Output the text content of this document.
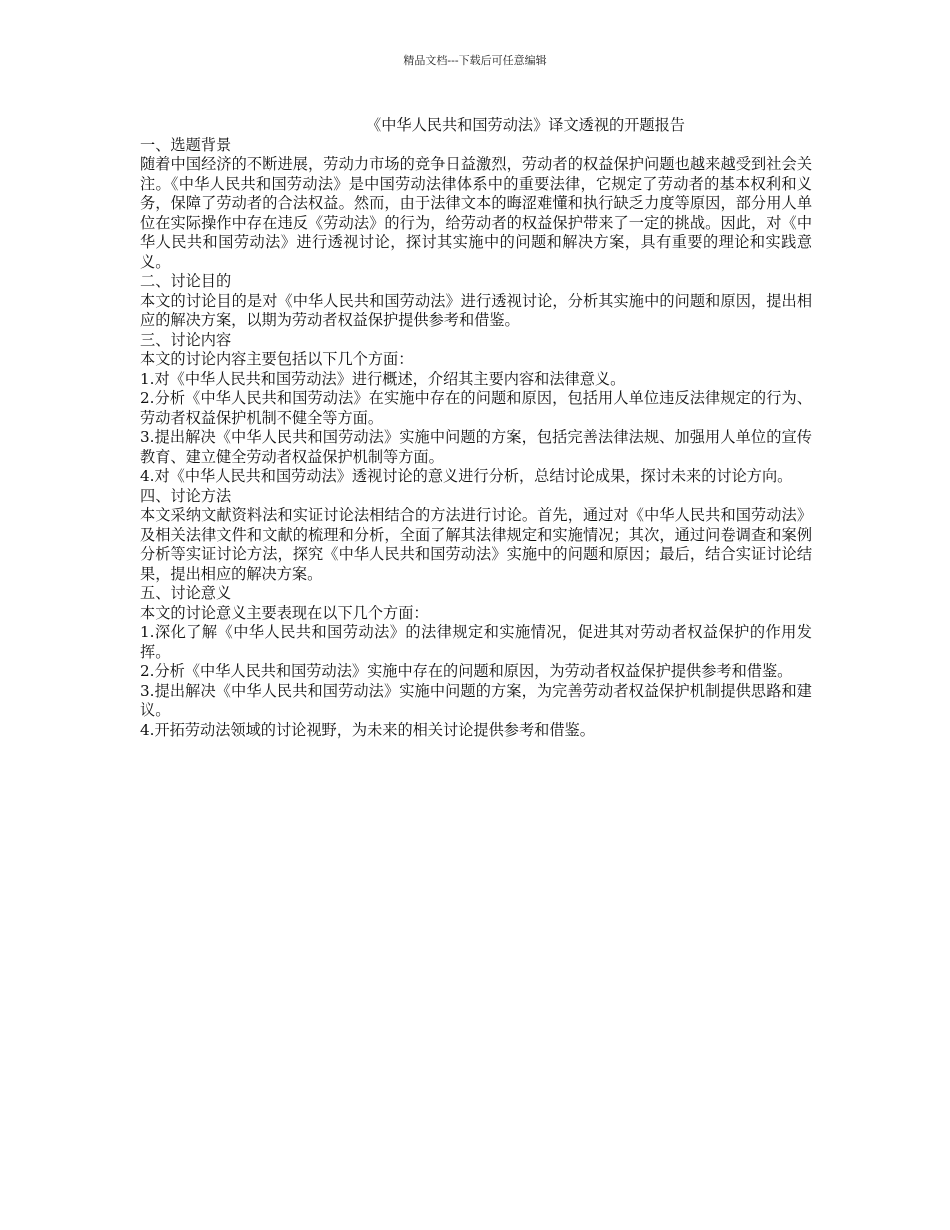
精品文档---下载后可任意编辑
《中华人民共和国劳动法》译文透视的开题报告
一、选题背景

随着中国经济的不断进展，劳动力市场的竞争日益激烈，劳动者的权益保护问题也越来越受到社会关注。《中华人民共和国劳动法》是中国劳动法律体系中的重要法律，它规定了劳动者的基本权利和义务，保障了劳动者的合法权益。然而，由于法律文本的晦涩难懂和执行缺乏力度等原因，部分用人单位在实际操作中存在违反《劳动法》的行为，给劳动者的权益保护带来了一定的挑战。因此，对《中华人民共和国劳动法》进行透视讨论，探讨其实施中的问题和解决方案，具有重要的理论和实践意义。

二、讨论目的

本文的讨论目的是对《中华人民共和国劳动法》进行透视讨论，分析其实施中的问题和原因，提出相应的解决方案，以期为劳动者权益保护提供参考和借鉴。

三、讨论内容

本文的讨论内容主要包括以下几个方面：

1.对《中华人民共和国劳动法》进行概述，介绍其主要内容和法律意义。

2.分析《中华人民共和国劳动法》在实施中存在的问题和原因，包括用人单位违反法律规定的行为、劳动者权益保护机制不健全等方面。

3.提出解决《中华人民共和国劳动法》实施中问题的方案，包括完善法律法规、加强用人单位的宣传教育、建立健全劳动者权益保护机制等方面。

4.对《中华人民共和国劳动法》透视讨论的意义进行分析，总结讨论成果，探讨未来的讨论方向。

四、讨论方法

本文采纳文献资料法和实证讨论法相结合的方法进行讨论。首先，通过对《中华人民共和国劳动法》及相关法律文件和文献的梳理和分析，全面了解其法律规定和实施情况；其次，通过问卷调查和案例分析等实证讨论方法，探究《中华人民共和国劳动法》实施中的问题和原因；最后，结合实证讨论结果，提出相应的解决方案。

五、讨论意义

本文的讨论意义主要表现在以下几个方面：

1.深化了解《中华人民共和国劳动法》的法律规定和实施情况，促进其对劳动者权益保护的作用发挥。

2.分析《中华人民共和国劳动法》实施中存在的问题和原因，为劳动者权益保护提供参考和借鉴。

3.提出解决《中华人民共和国劳动法》实施中问题的方案，为完善劳动者权益保护机制提供思路和建议。

4.开拓劳动法领域的讨论视野，为未来的相关讨论提供参考和借鉴。
